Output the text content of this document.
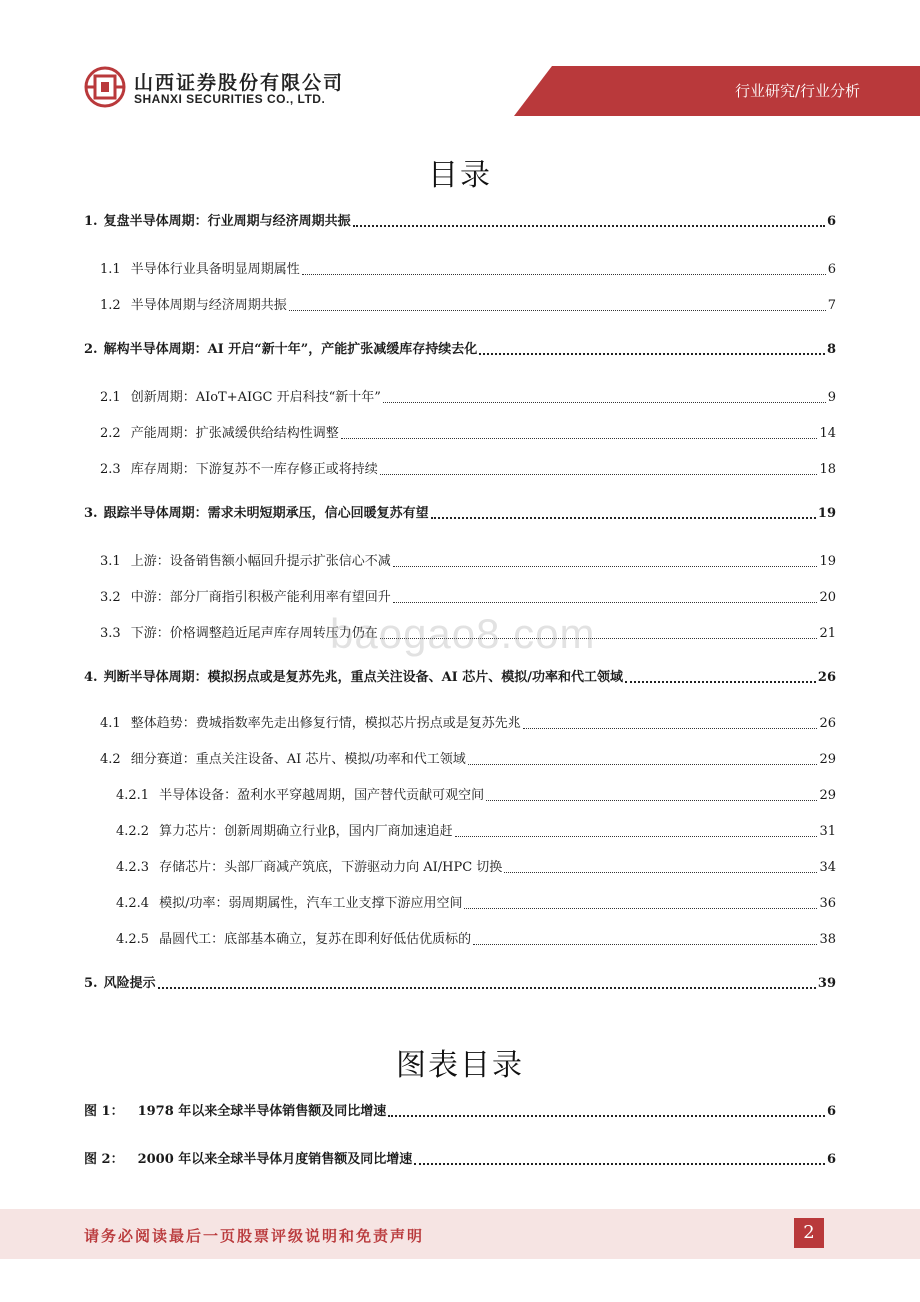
山西证券股份有限公司
SHANXI SECURITIES CO., LTD.	行业研究/行业分析
目录
1. 复盘半导体周期：行业周期与经济周期共振	6
1.1 半导体行业具备明显周期属性	6
1.2 半导体周期与经济周期共振	7
2. 解构半导体周期：AI 开启“新十年”，产能扩张减缓库存持续去化	8
2.1 创新周期：AIoT+AIGC 开启科技“新十年”	9
2.2 产能周期：扩张减缓供给结构性调整	14
2.3 库存周期：下游复苏不一库存修正或将持续	18
3. 跟踪半导体周期：需求未明短期承压，信心回暖复苏有望	19
3.1 上游：设备销售额小幅回升提示扩张信心不减	19
3.2 中游：部分厂商指引积极产能利用率有望回升	20
3.3 下游：价格调整趋近尾声库存周转压力仍在	21
4. 判断半导体周期：模拟拐点或是复苏先兆，重点关注设备、AI 芯片、模拟/功率和代工领域	26
4.1 整体趋势：费城指数率先走出修复行情，模拟芯片拐点或是复苏先兆	26
4.2 细分赛道：重点关注设备、AI 芯片、模拟/功率和代工领域	29
4.2.1 半导体设备：盈利水平穿越周期，国产替代贡献可观空间	29
4.2.2 算力芯片：创新周期确立行业β，国内厂商加速追赶	31
4.2.3 存储芯片：头部厂商减产筑底，下游驱动力向 AI/HPC 切换	34
4.2.4 模拟/功率：弱周期属性，汽车工业支撑下游应用空间	36
4.2.5 晶圆代工：底部基本确立，复苏在即利好低估优质标的	38
5. 风险提示	39
baogao8.com
图表目录
图 1： 1978 年以来全球半导体销售额及同比增速	6
图 2： 2000 年以来全球半导体月度销售额及同比增速	6
请务必阅读最后一页股票评级说明和免责声明	2
